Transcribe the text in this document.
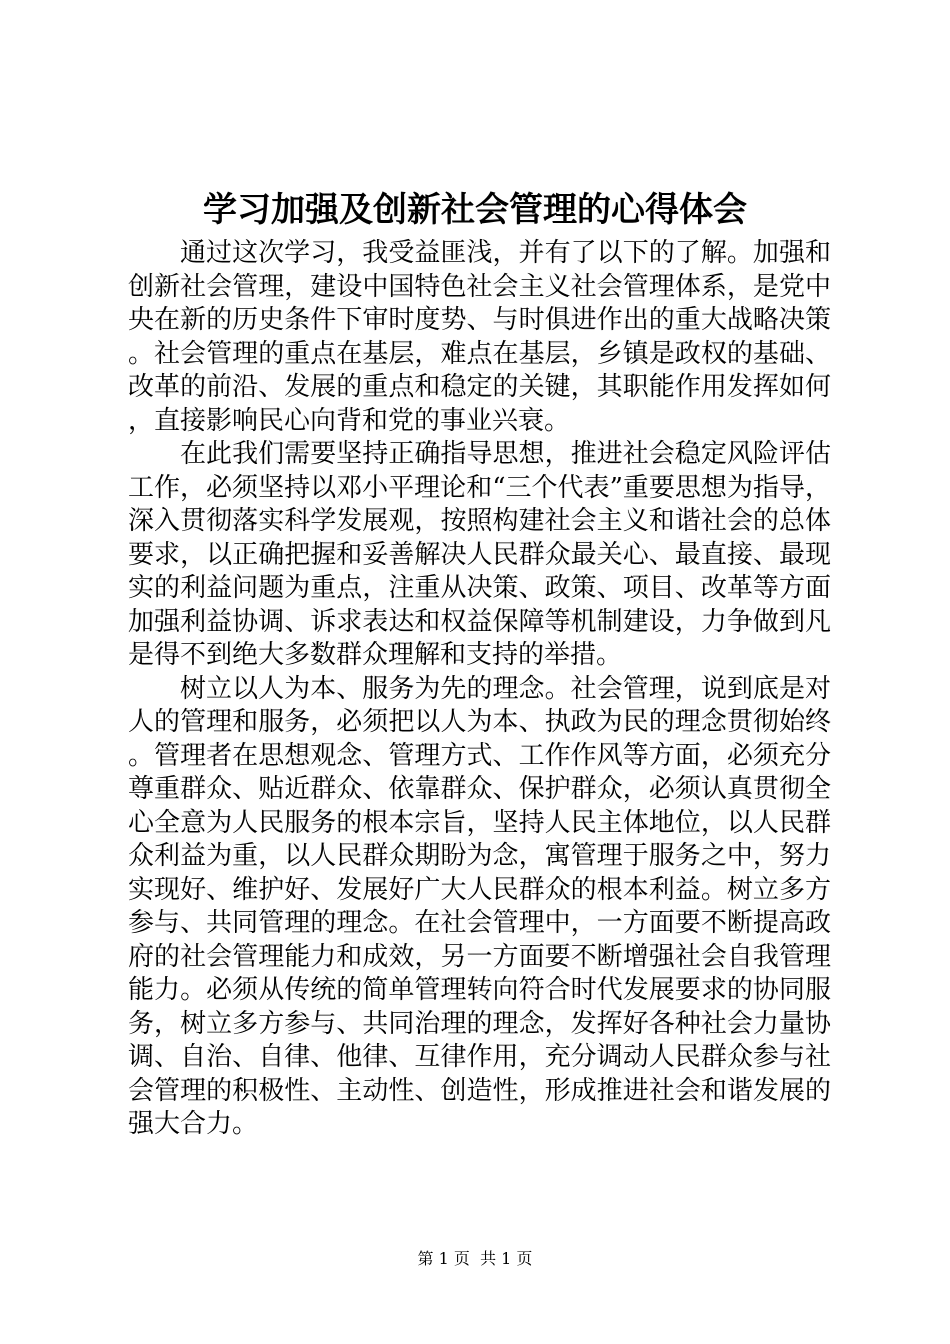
学习加强及创新社会管理的心得体会

通过这次学习，我受益匪浅，并有了以下的了解。加强和创新社会管理，建设中国特色社会主义社会管理体系，是党中央在新的历史条件下审时度势、与时俱进作出的重大战略决策。社会管理的重点在基层，难点在基层，乡镇是政权的基础、改革的前沿、发展的重点和稳定的关键，其职能作用发挥如何，直接影响民心向背和党的事业兴衰。

在此我们需要坚持正确指导思想，推进社会稳定风险评估工作，必须坚持以邓小平理论和“三个代表”重要思想为指导，深入贯彻落实科学发展观，按照构建社会主义和谐社会的总体要求，以正确把握和妥善解决人民群众最关心、最直接、最现实的利益问题为重点，注重从决策、政策、项目、改革等方面加强利益协调、诉求表达和权益保障等机制建设，力争做到凡是得不到绝大多数群众理解和支持的举措。

树立以人为本、服务为先的理念。社会管理，说到底是对人的管理和服务，必须把以人为本、执政为民的理念贯彻始终。管理者在思想观念、管理方式、工作作风等方面，必须充分尊重群众、贴近群众、依靠群众、保护群众，必须认真贯彻全心全意为人民服务的根本宗旨，坚持人民主体地位，以人民群众利益为重，以人民群众期盼为念，寓管理于服务之中，努力实现好、维护好、发展好广大人民群众的根本利益。树立多方参与、共同管理的理念。在社会管理中，一方面要不断提高政府的社会管理能力和成效，另一方面要不断增强社会自我管理能力。必须从传统的简单管理转向符合时代发展要求的协同服务，树立多方参与、共同治理的理念，发挥好各种社会力量协调、自治、自律、他律、互律作用，充分调动人民群众参与社会管理的积极性、主动性、创造性，形成推进社会和谐发展的强大合力。

第 1 页 共 1 页
